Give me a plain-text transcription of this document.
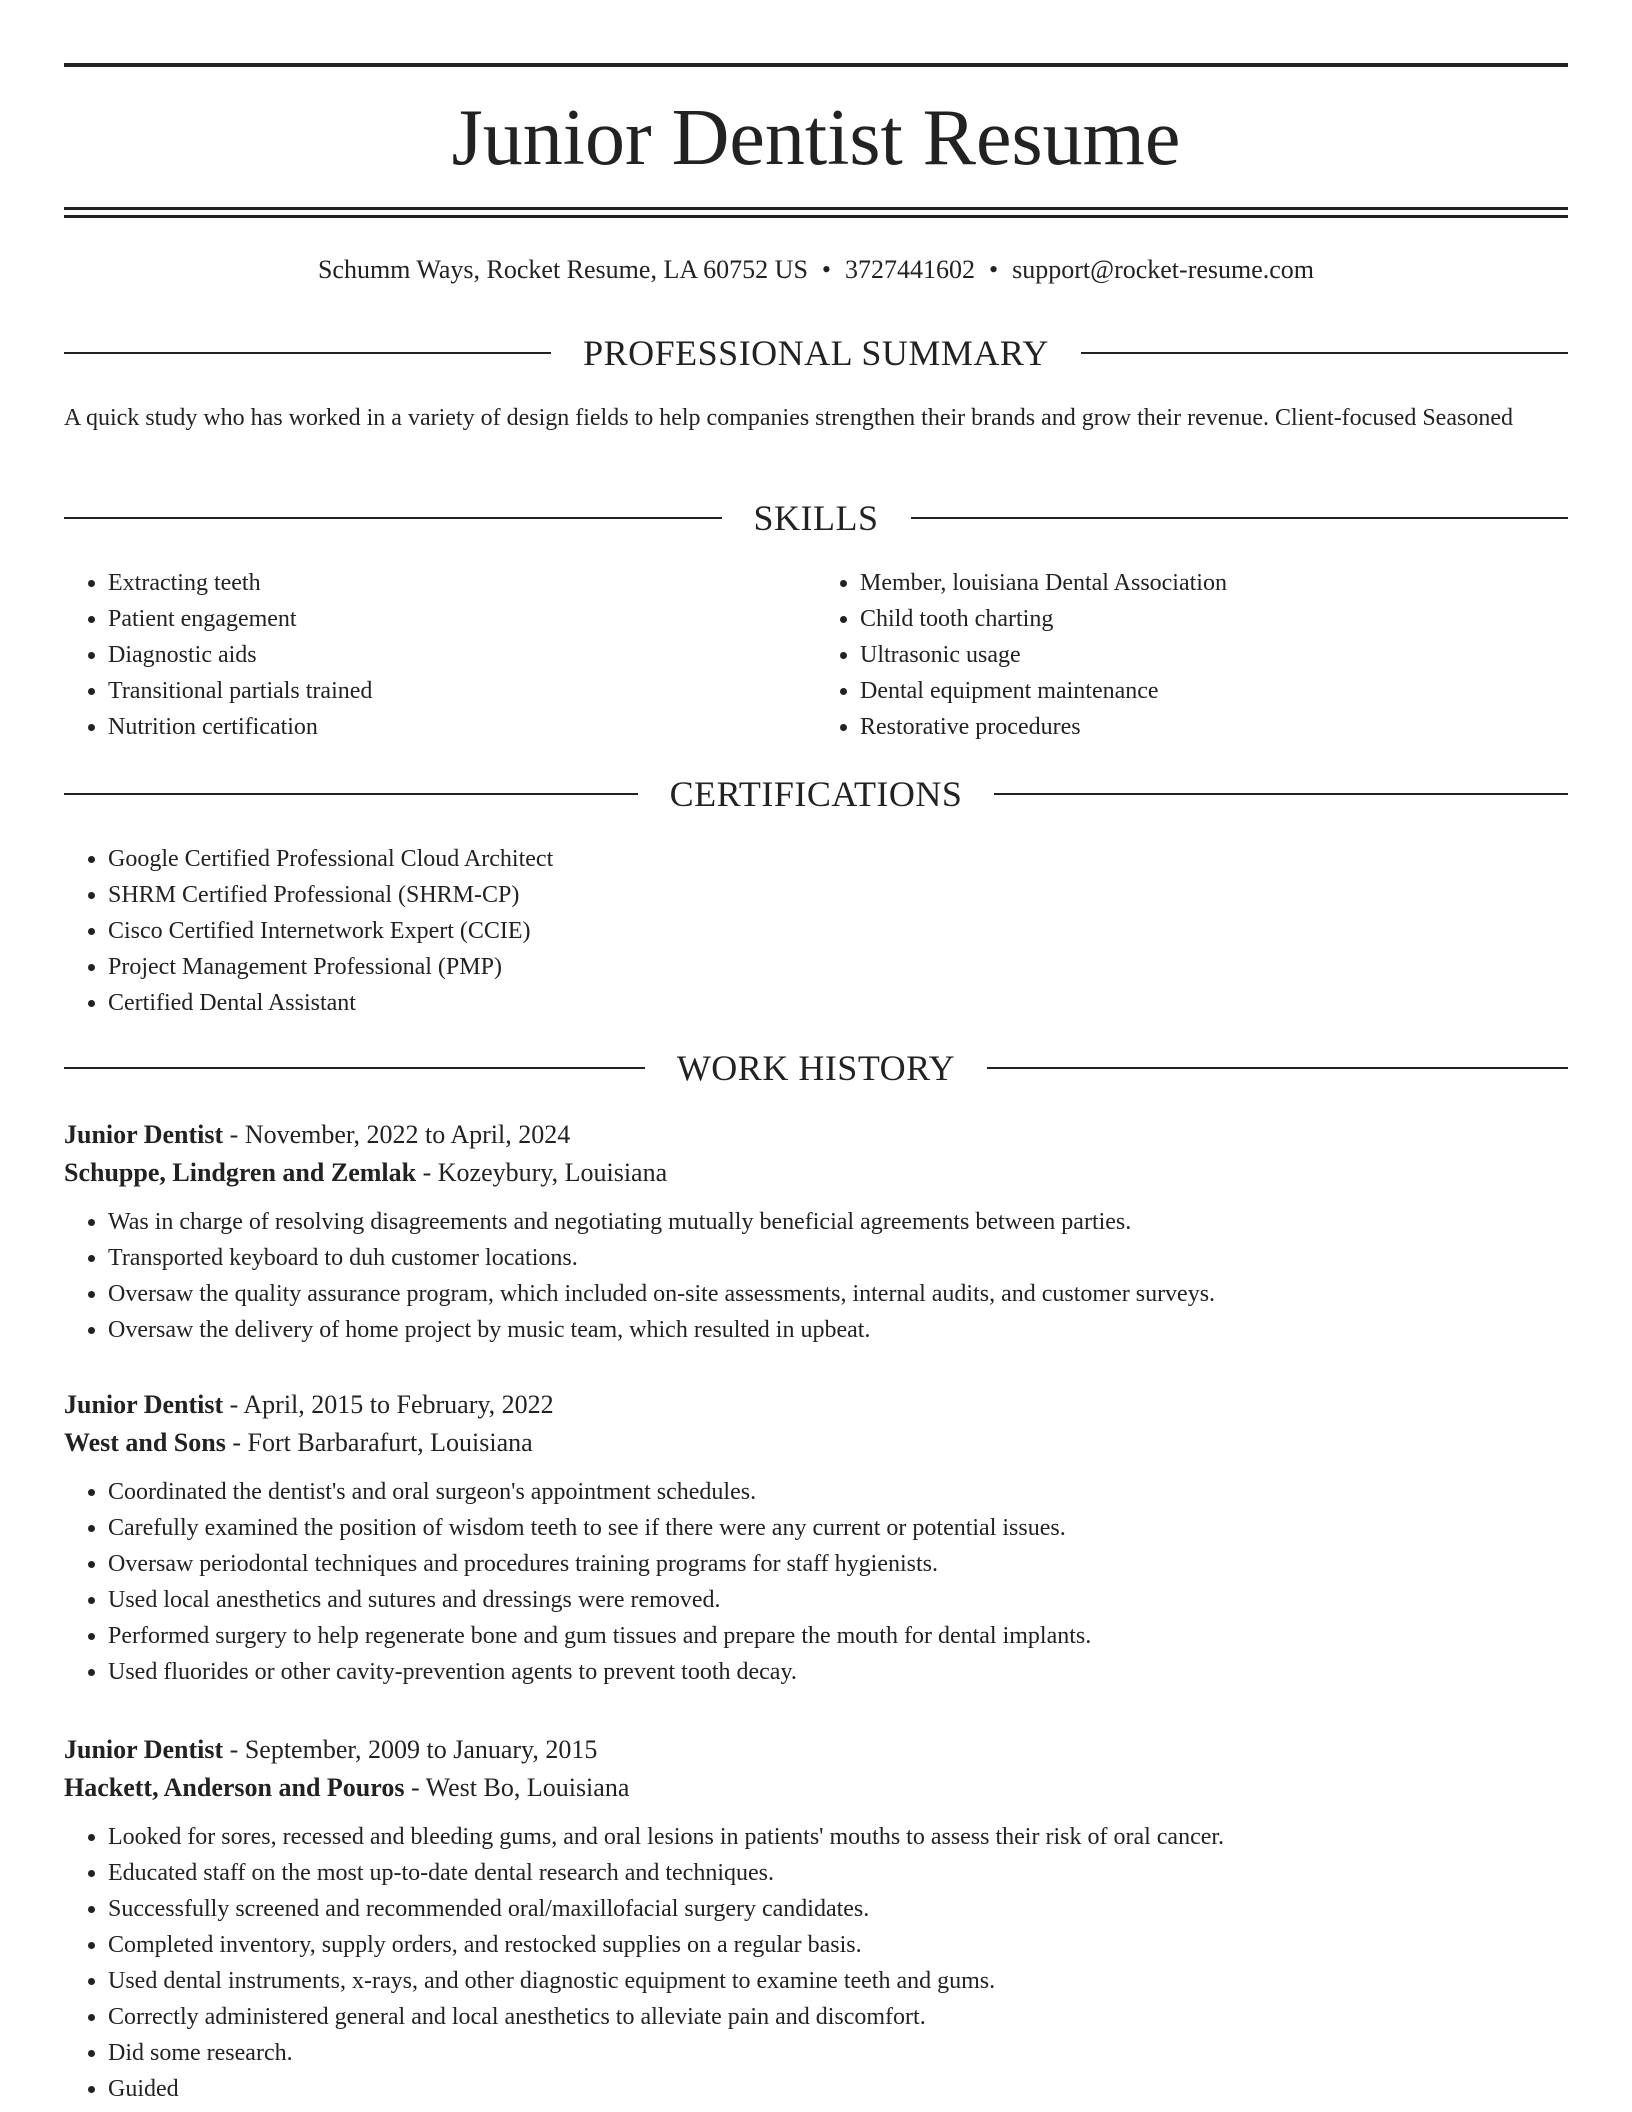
Junior Dentist Resume
Schumm Ways, Rocket Resume, LA 60752 US • 3727441602 • support@rocket-resume.com
PROFESSIONAL SUMMARY

A quick study who has worked in a variety of design fields to help companies strengthen their brands and grow their revenue. Client-focused Seasoned

SKILLS
• Extracting teeth
• Patient engagement
• Diagnostic aids
• Transitional partials trained
• Nutrition certification
• Member, louisiana Dental Association
• Child tooth charting
• Ultrasonic usage
• Dental equipment maintenance
• Restorative procedures
CERTIFICATIONS
• Google Certified Professional Cloud Architect
• SHRM Certified Professional (SHRM-CP)
• Cisco Certified Internetwork Expert (CCIE)
• Project Management Professional (PMP)
• Certified Dental Assistant
WORK HISTORY
Junior Dentist - November, 2022 to April, 2024
Schuppe, Lindgren and Zemlak - Kozeybury, Louisiana
• Was in charge of resolving disagreements and negotiating mutually beneficial agreements between parties.
• Transported keyboard to duh customer locations.
• Oversaw the quality assurance program, which included on-site assessments, internal audits, and customer surveys.
• Oversaw the delivery of home project by music team, which resulted in upbeat.
Junior Dentist - April, 2015 to February, 2022
West and Sons - Fort Barbarafurt, Louisiana
• Coordinated the dentist's and oral surgeon's appointment schedules.
• Carefully examined the position of wisdom teeth to see if there were any current or potential issues.
• Oversaw periodontal techniques and procedures training programs for staff hygienists.
• Used local anesthetics and sutures and dressings were removed.
• Performed surgery to help regenerate bone and gum tissues and prepare the mouth for dental implants.
• Used fluorides or other cavity-prevention agents to prevent tooth decay.
Junior Dentist - September, 2009 to January, 2015
Hackett, Anderson and Pouros - West Bo, Louisiana
• Looked for sores, recessed and bleeding gums, and oral lesions in patients' mouths to assess their risk of oral cancer.
• Educated staff on the most up-to-date dental research and techniques.
• Successfully screened and recommended oral/maxillofacial surgery candidates.
• Completed inventory, supply orders, and restocked supplies on a regular basis.
• Used dental instruments, x-rays, and other diagnostic equipment to examine teeth and gums.
• Correctly administered general and local anesthetics to alleviate pain and discomfort.
• Did some research.
• Guided
